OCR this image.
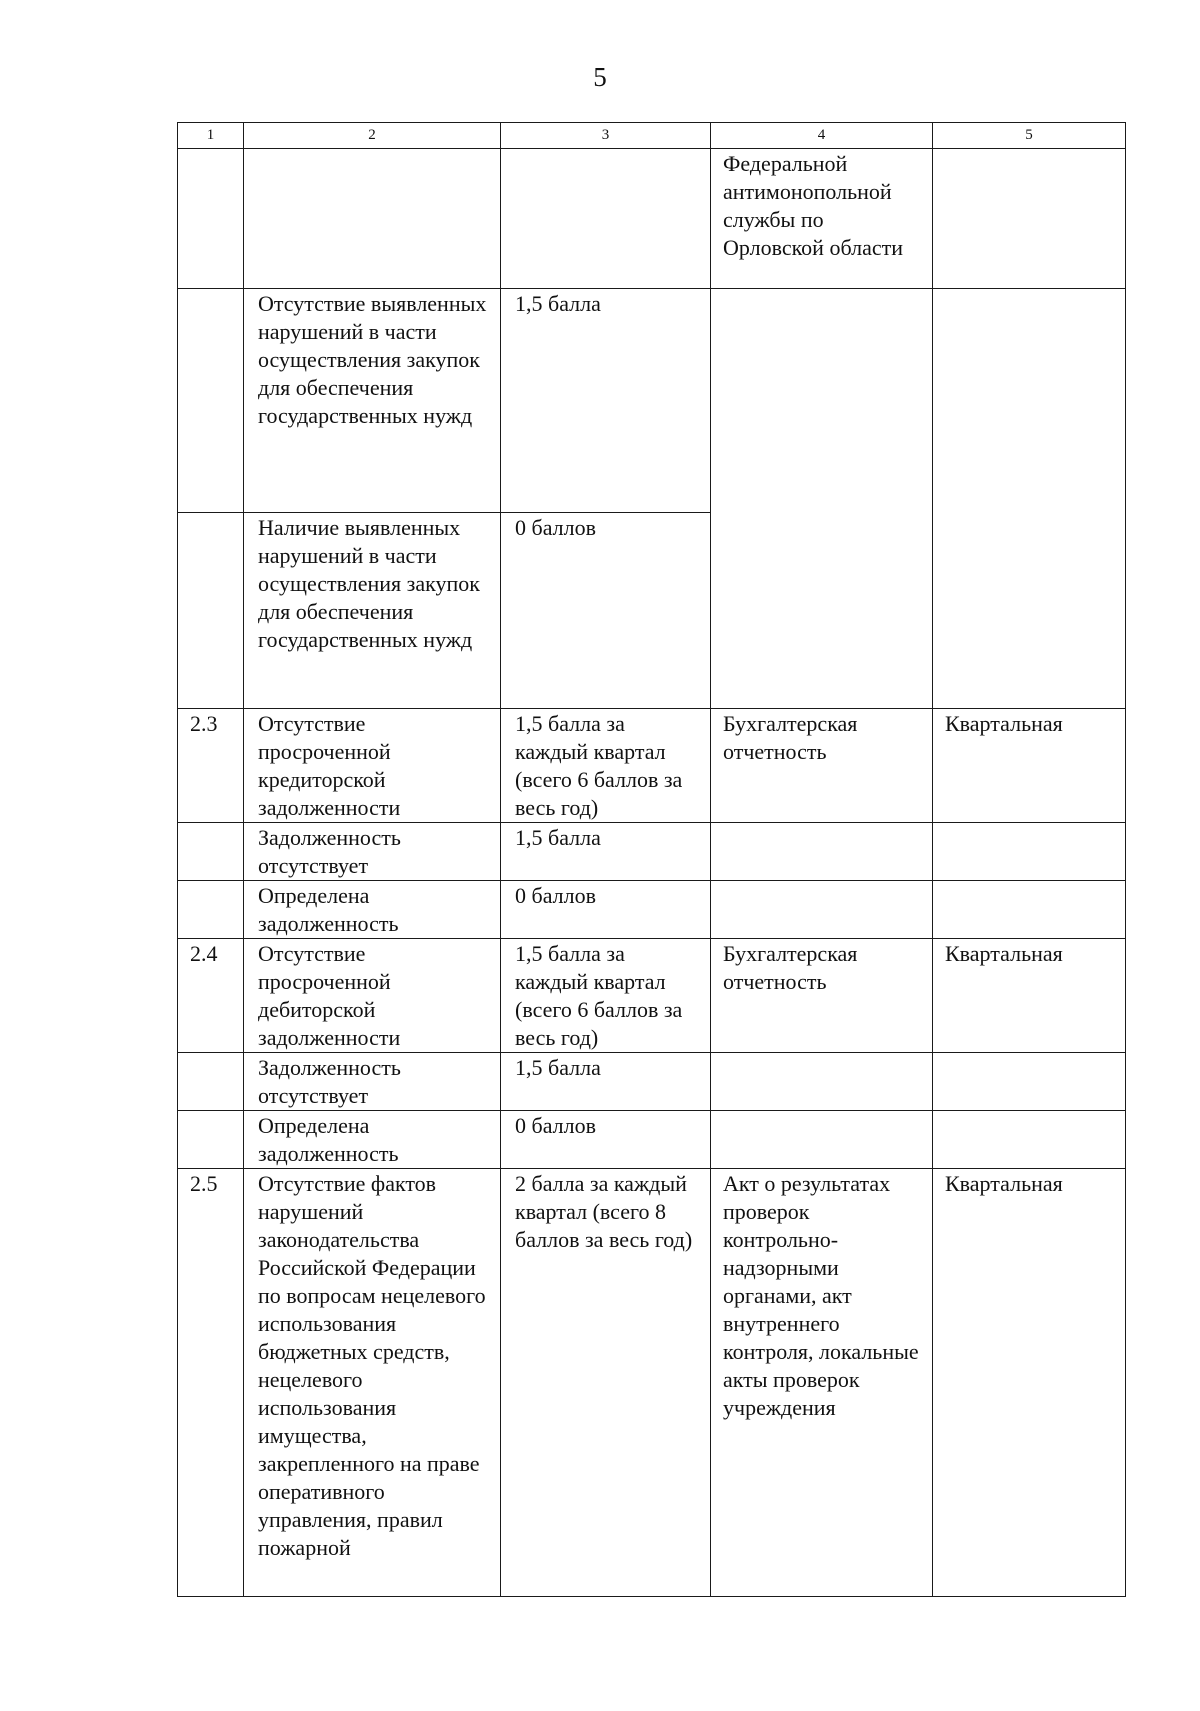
5
1	2	3	4	5
			Федеральной антимонопольной службы по Орловской области	
	Отсутствие выявленных нарушений в части осуществления закупок для обеспечения государственных нужд	1,5 балла		
	Наличие выявленных нарушений в части осуществления закупок для обеспечения государственных нужд	0 баллов		
2.3	Отсутствие просроченной кредиторской задолженности	1,5 балла за каждый квартал (всего 6 баллов за весь год)	Бухгалтерская отчетность	Квартальная
	Задолженность отсутствует	1,5 балла		
	Определена задолженность	0 баллов		
2.4	Отсутствие просроченной дебиторской задолженности	1,5 балла за каждый квартал (всего 6 баллов за весь год)	Бухгалтерская отчетность	Квартальная
	Задолженность отсутствует	1,5 балла		
	Определена задолженность	0 баллов		
2.5	Отсутствие фактов нарушений законодательства Российской Федерации по вопросам нецелевого использования бюджетных средств, нецелевого использования имущества, закрепленного на праве оперативного управления, правил пожарной	2 балла за каждый квартал (всего 8 баллов за весь год)	Акт о результатах проверок контрольно-надзорными органами, акт внутреннего контроля, локальные акты проверок учреждения	Квартальная
